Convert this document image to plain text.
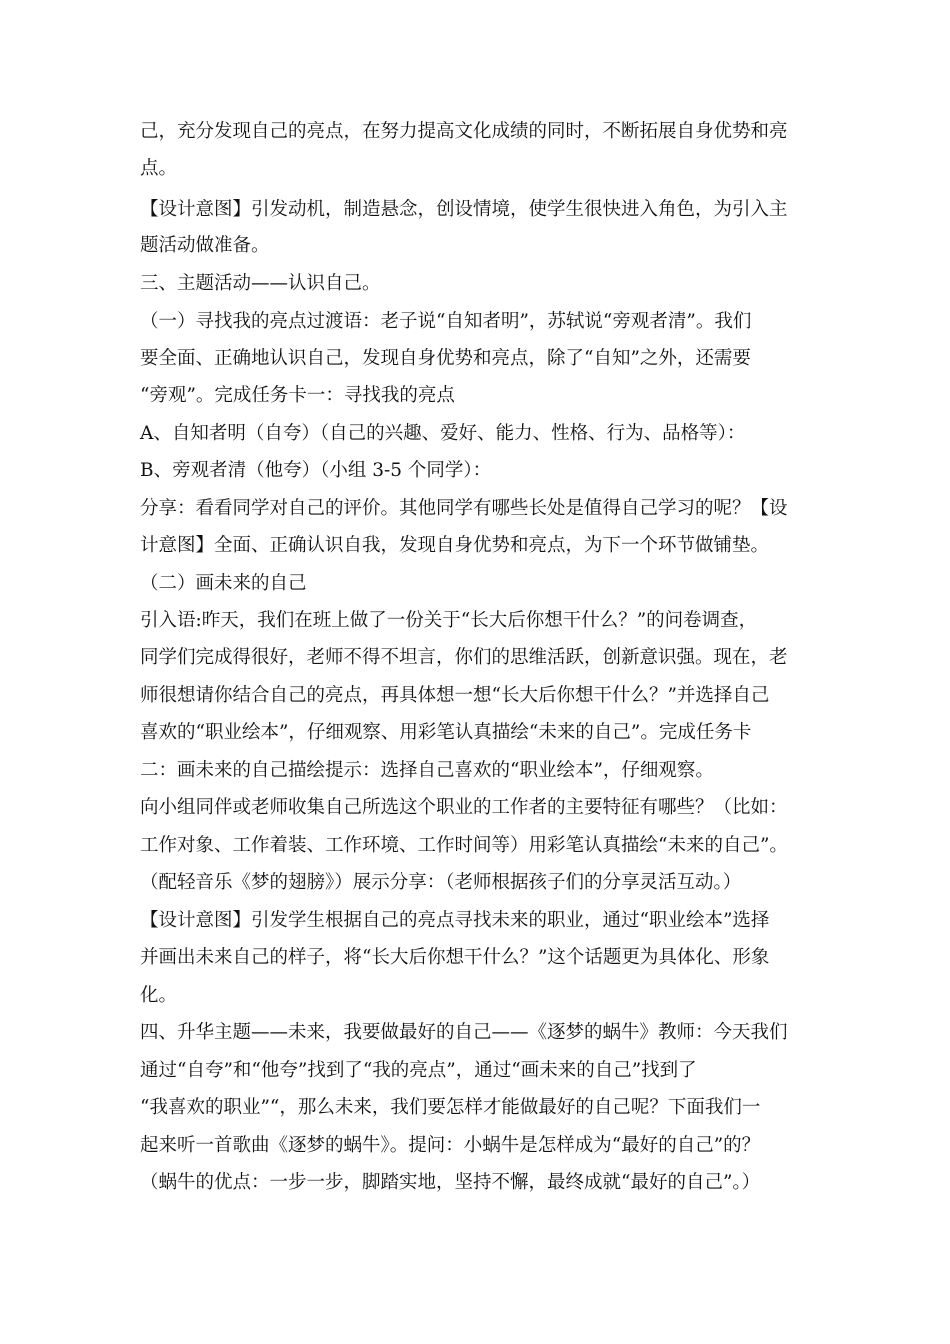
己，充分发现自己的亮点，在努力提高文化成绩的同时，不断拓展自身优势和亮
点。
【设计意图】引发动机，制造悬念，创设情境，使学生很快进入角色，为引入主
题活动做准备。
三、主题活动——认识自己。
（一）寻找我的亮点过渡语：老子说“自知者明”，苏轼说“旁观者清”。我们
要全面、正确地认识自己，发现自身优势和亮点，除了“自知”之外，还需要
“旁观”。完成任务卡一：寻找我的亮点
A、自知者明（自夸）（自己的兴趣、爱好、能力、性格、行为、品格等）：
B、旁观者清（他夸）（小组 3-5 个同学）：
分享：看看同学对自己的评价。其他同学有哪些长处是值得自己学习的呢？【设
计意图】全面、正确认识自我，发现自身优势和亮点，为下一个环节做铺垫。
（二）画未来的自己
引入语:昨天，我们在班上做了一份关于“长大后你想干什么？”的问卷调查，
同学们完成得很好，老师不得不坦言，你们的思维活跃，创新意识强。现在，老
师很想请你结合自己的亮点，再具体想一想“长大后你想干什么？”并选择自己
喜欢的“职业绘本”，仔细观察、用彩笔认真描绘“未来的自己”。完成任务卡
二：画未来的自己描绘提示：选择自己喜欢的“职业绘本”，仔细观察。
向小组同伴或老师收集自己所选这个职业的工作者的主要特征有哪些？（比如：
工作对象、工作着装、工作环境、工作时间等）用彩笔认真描绘“未来的自己”。
（配轻音乐《梦的翅膀》）展示分享：（老师根据孩子们的分享灵活互动。）
【设计意图】引发学生根据自己的亮点寻找未来的职业，通过“职业绘本”选择
并画出未来自己的样子，将“长大后你想干什么？”这个话题更为具体化、形象
化。
四、升华主题——未来，我要做最好的自己——《逐梦的蜗牛》教师：今天我们
通过“自夸”和“他夸”找到了“我的亮点”，通过“画未来的自己”找到了
“我喜欢的职业”“，那么未来，我们要怎样才能做最好的自己呢？下面我们一
起来听一首歌曲《逐梦的蜗牛》。提问：小蜗牛是怎样成为“最好的自己”的？
（蜗牛的优点：一步一步，脚踏实地，坚持不懈，最终成就“最好的自己”。）
